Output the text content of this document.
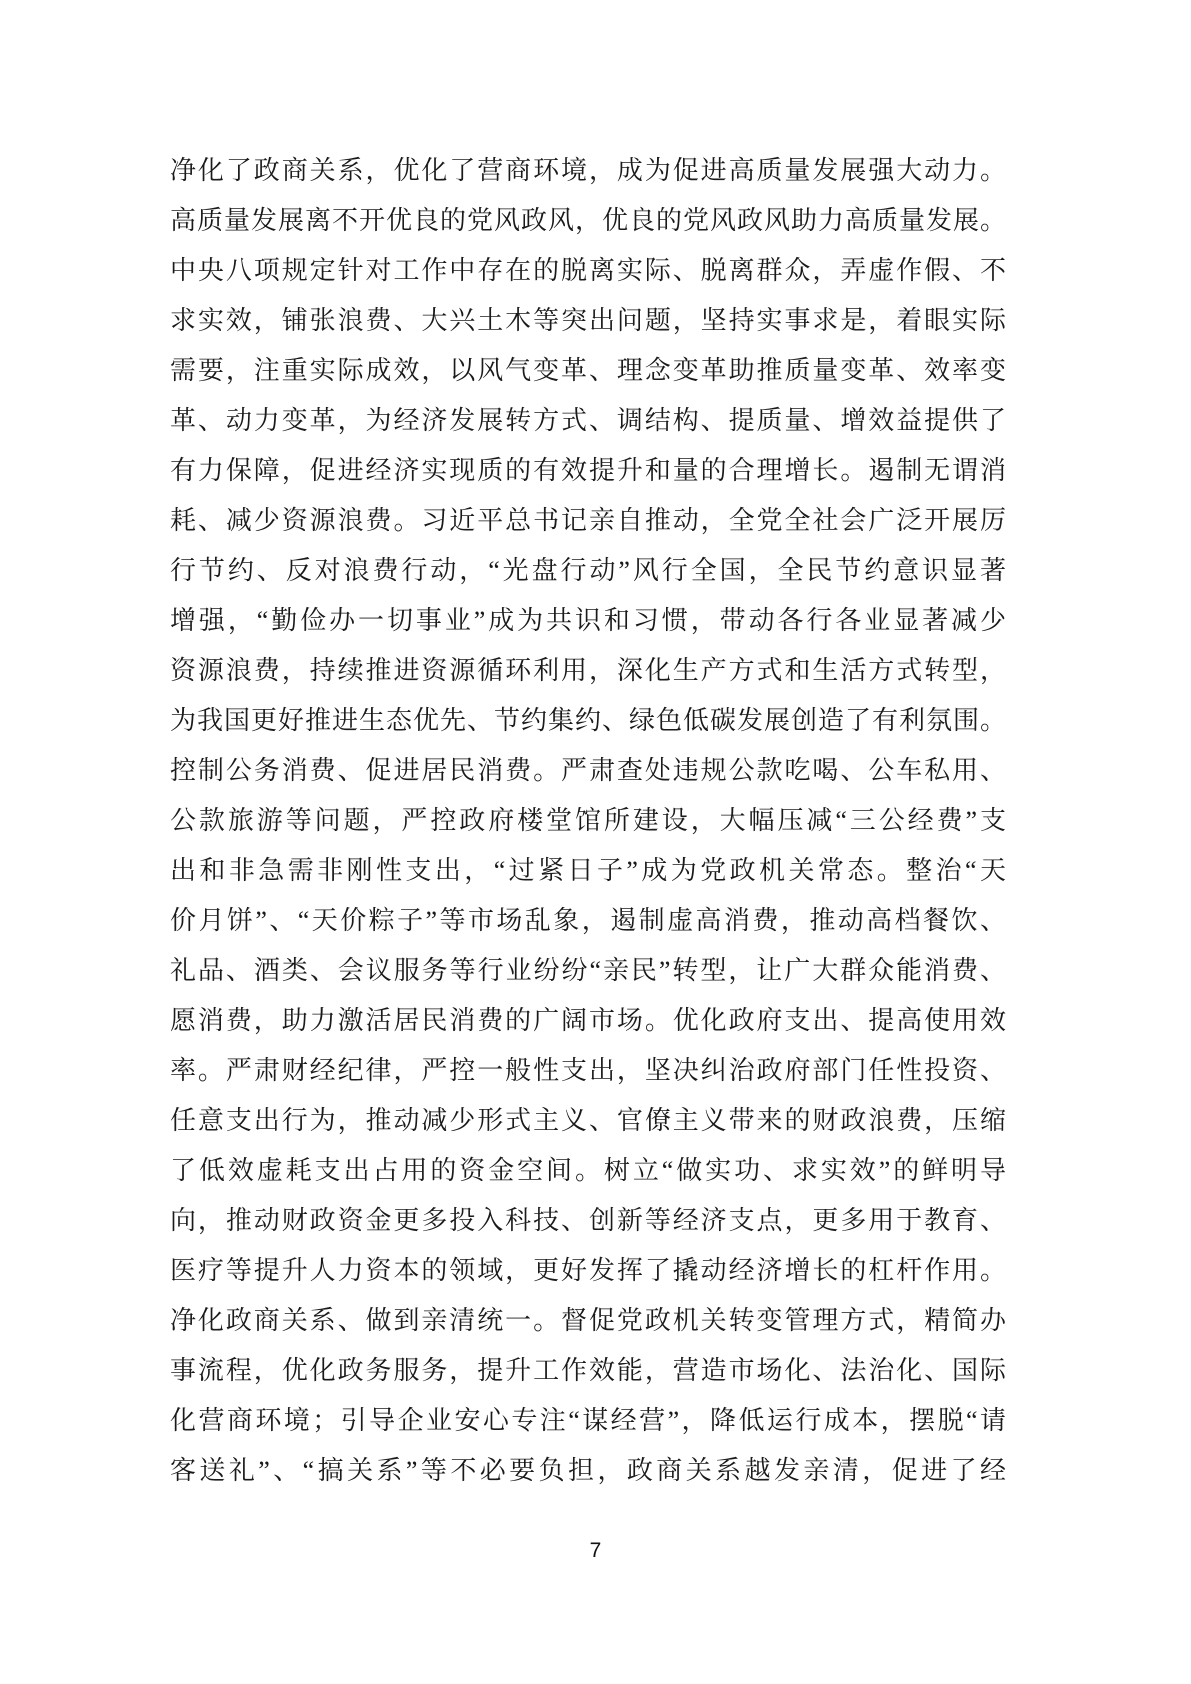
净化了政商关系，优化了营商环境，成为促进高质量发展强大动力。
高质量发展离不开优良的党风政风，优良的党风政风助力高质量发展。
中央八项规定针对工作中存在的脱离实际、脱离群众，弄虚作假、不
求实效，铺张浪费、大兴土木等突出问题，坚持实事求是，着眼实际
需要，注重实际成效，以风气变革、理念变革助推质量变革、效率变
革、动力变革，为经济发展转方式、调结构、提质量、增效益提供了
有力保障，促进经济实现质的有效提升和量的合理增长。遏制无谓消
耗、减少资源浪费。习近平总书记亲自推动，全党全社会广泛开展厉
行节约、反对浪费行动，“光盘行动”风行全国，全民节约意识显著
增强，“勤俭办一切事业”成为共识和习惯，带动各行各业显著减少
资源浪费，持续推进资源循环利用，深化生产方式和生活方式转型，
为我国更好推进生态优先、节约集约、绿色低碳发展创造了有利氛围。
控制公务消费、促进居民消费。严肃查处违规公款吃喝、公车私用、
公款旅游等问题，严控政府楼堂馆所建设，大幅压减“三公经费”支
出和非急需非刚性支出，“过紧日子”成为党政机关常态。整治“天
价月饼”、“天价粽子”等市场乱象，遏制虚高消费，推动高档餐饮、
礼品、酒类、会议服务等行业纷纷“亲民”转型，让广大群众能消费、
愿消费，助力激活居民消费的广阔市场。优化政府支出、提高使用效
率。严肃财经纪律，严控一般性支出，坚决纠治政府部门任性投资、
任意支出行为，推动减少形式主义、官僚主义带来的财政浪费，压缩
了低效虚耗支出占用的资金空间。树立“做实功、求实效”的鲜明导
向，推动财政资金更多投入科技、创新等经济支点，更多用于教育、
医疗等提升人力资本的领域，更好发挥了撬动经济增长的杠杆作用。
净化政商关系、做到亲清统一。督促党政机关转变管理方式，精简办
事流程，优化政务服务，提升工作效能，营造市场化、法治化、国际
化营商环境；引导企业安心专注“谋经营”，降低运行成本，摆脱“请
客送礼”、“搞关系”等不必要负担，政商关系越发亲清，促进了经
7
